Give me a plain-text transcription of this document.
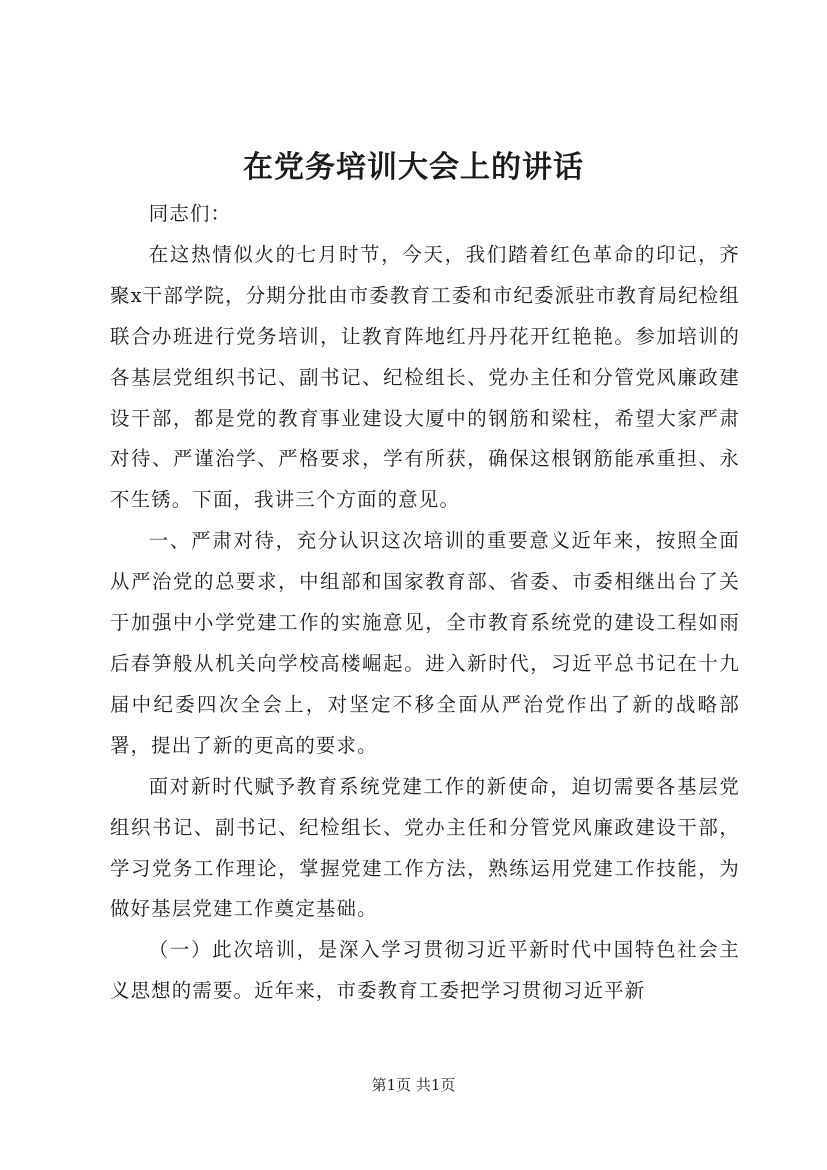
在党务培训大会上的讲话

同志们：

在这热情似火的七月时节，今天，我们踏着红色革命的印记，齐聚x干部学院，分期分批由市委教育工委和市纪委派驻市教育局纪检组联合办班进行党务培训，让教育阵地红丹丹花开红艳艳。参加培训的各基层党组织书记、副书记、纪检组长、党办主任和分管党风廉政建设干部，都是党的教育事业建设大厦中的钢筋和梁柱，希望大家严肃对待、严谨治学、严格要求，学有所获，确保这根钢筋能承重担、永不生锈。下面，我讲三个方面的意见。

一、严肃对待，充分认识这次培训的重要意义近年来，按照全面从严治党的总要求，中组部和国家教育部、省委、市委相继出台了关于加强中小学党建工作的实施意见，全市教育系统党的建设工程如雨后春笋般从机关向学校高楼崛起。进入新时代，习近平总书记在十九届中纪委四次全会上，对坚定不移全面从严治党作出了新的战略部署，提出了新的更高的要求。

面对新时代赋予教育系统党建工作的新使命，迫切需要各基层党组织书记、副书记、纪检组长、党办主任和分管党风廉政建设干部，学习党务工作理论，掌握党建工作方法，熟练运用党建工作技能，为做好基层党建工作奠定基础。

（一）此次培训，是深入学习贯彻习近平新时代中国特色社会主义思想的需要。近年来，市委教育工委把学习贯彻习近平新

第1页 共1页
